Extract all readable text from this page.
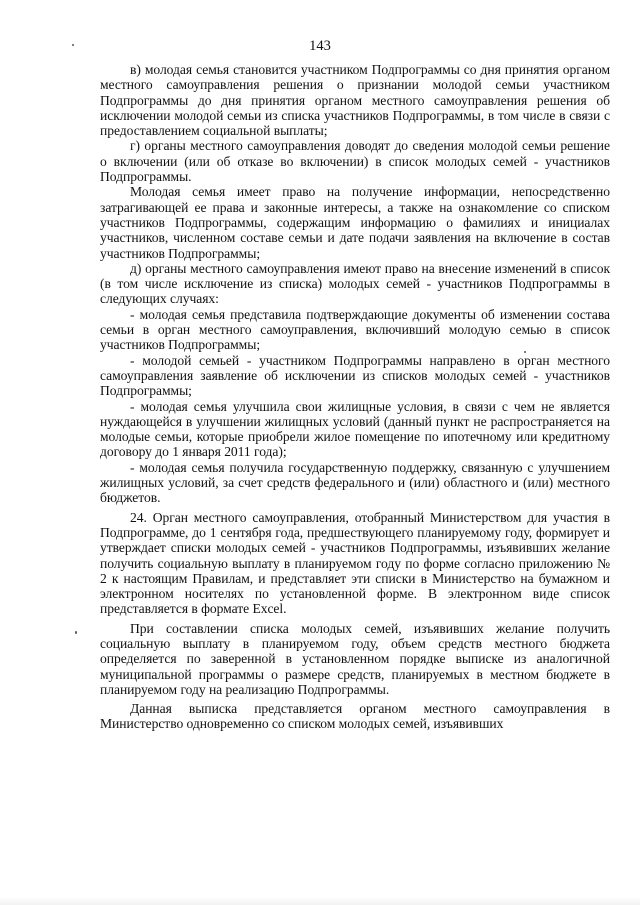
143

в) молодая семья становится участником Подпрограммы со дня принятия органом местного самоуправления решения о признании молодой семьи участником Подпрограммы до дня принятия органом местного самоуправления решения об исключении молодой семьи из списка участников Подпрограммы, в том числе в связи с предоставлением социальной выплаты;

г) органы местного самоуправления доводят до сведения молодой семьи решение о включении (или об отказе во включении) в список молодых семей - участников Подпрограммы.

Молодая семья имеет право на получение информации, непосредственно затрагивающей ее права и законные интересы, а также на ознакомление со списком участников Подпрограммы, содержащим информацию о фамилиях и инициалах участников, численном составе семьи и дате подачи заявления на включение в состав участников Подпрограммы;

д) органы местного самоуправления имеют право на внесение изменений в список (в том числе исключение из списка) молодых семей - участников Подпрограммы в следующих случаях:

- молодая семья представила подтверждающие документы об изменении состава семьи в орган местного самоуправления, включивший молодую семью в список участников Подпрограммы;

- молодой семьей - участником Подпрограммы направлено в орган местного самоуправления заявление об исключении из списков молодых семей - участников Подпрограммы;

- молодая семья улучшила свои жилищные условия, в связи с чем не является нуждающейся в улучшении жилищных условий (данный пункт не распространяется на молодые семьи, которые приобрели жилое помещение по ипотечному или кредитному договору до 1 января 2011 года);

- молодая семья получила государственную поддержку, связанную с улучшением жилищных условий, за счет средств федерального и (или) областного и (или) местного бюджетов.

24. Орган местного самоуправления, отобранный Министерством для участия в Подпрограмме, до 1 сентября года, предшествующего планируемому году, формирует и утверждает списки молодых семей - участников Подпрограммы, изъявивших желание получить социальную выплату в планируемом году по форме согласно приложению № 2 к настоящим Правилам, и представляет эти списки в Министерство на бумажном и электронном носителях по установленной форме. В электронном виде список представляется в формате Excel.

При составлении списка молодых семей, изъявивших желание получить социальную выплату в планируемом году, объем средств местного бюджета определяется по заверенной в установленном порядке выписке из аналогичной муниципальной программы о размере средств, планируемых в местном бюджете в планируемом году на реализацию Подпрограммы.

Данная выписка представляется органом местного самоуправления в Министерство одновременно со списком молодых семей, изъявивших
